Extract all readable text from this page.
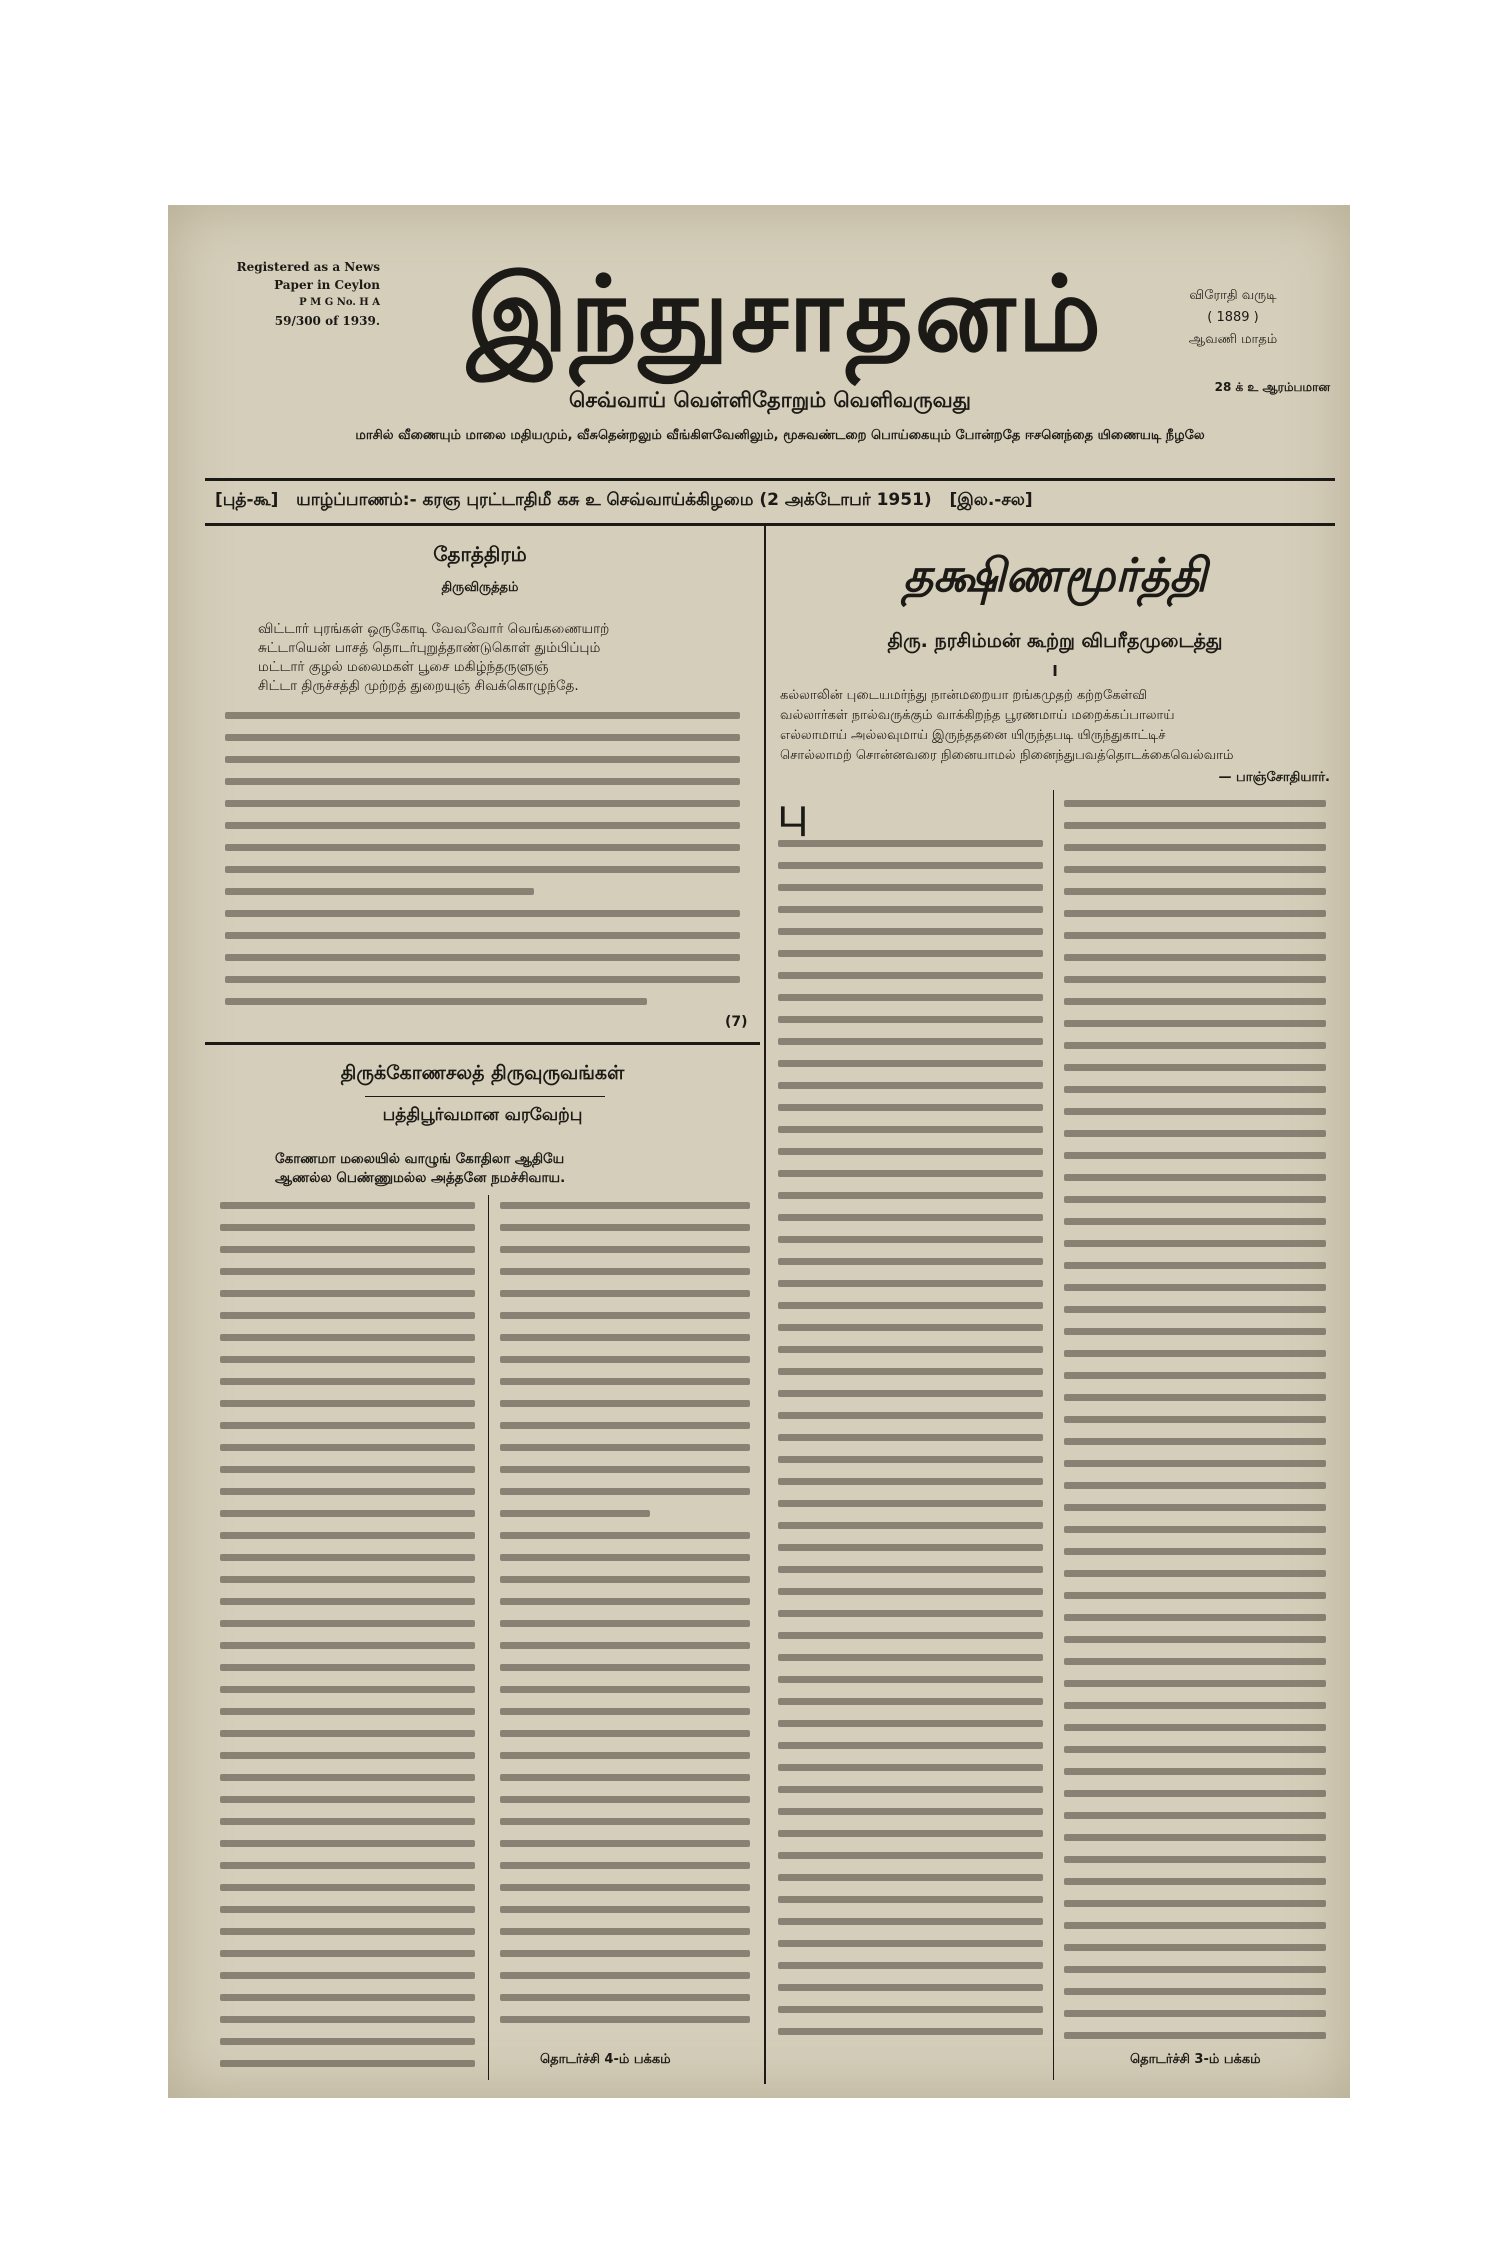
Registered as a News
Paper in Ceylon
P M G No. H A
59/300 of 1939. இந்துசாதனம்	விரோதி வருடி
( 1889 )
ஆவணி மாதம்
28 க் உ ஆரம்பமான
செவ்வாய் வெள்ளிதோறும் வெளிவருவது
மாசில் வீணையும் மாலை மதியமும், வீசுதென்றலும் வீங்கிளவேனிலும், மூசுவண்டறை பொய்கையும் போன்றதே ஈசனெந்தை யிணையடி நீழலே
[புத்-கூ] யாழ்ப்பாணம்:- கரஞ புரட்டாதிமீ கசு உ செவ்வாய்க்கிழமை (2 அக்டோபர் 1951) [இல.-சல]
தோத்திரம்
திருவிருத்தம்
விட்டார் புரங்கள் ஒருகோடி வேவவோர் வெங்கணையாற்
சுட்டாயென் பாசத் தொடர்புறுத்தாண்டுகொள் தும்பிப்பும்
மட்டார் குழல் மலைமகள் பூசை மகிழ்ந்தருளுஞ்
சிட்டா திருச்சத்தி முற்றத் துறையுஞ் சிவக்கொழுந்தே.
(7)
திருக்கோணசலத் திருவுருவங்கள்
பத்திபூர்வமான வரவேற்பு
கோணமா மலையில் வாழுங் கோதிலா ஆதியே
ஆணல்ல பெண்ணுமல்ல அத்தனே நமச்சிவாய.
தொடர்ச்சி 4-ம் பக்கம்
தக்ஷிணமூர்த்தி
திரு. நரசிம்மன் கூற்று விபரீதமுடைத்து
I
கல்லாலின் புடையமர்ந்து நான்மறையா றங்கமுதற் கற்றகேள்வி
வல்லார்கள் நால்வருக்கும் வாக்கிறந்த பூரணமாய் மறைக்கப்பாலாய்
எல்லாமாய் அல்லவுமாய் இருந்ததனை யிருந்தபடி யிருந்துகாட்டிச்
சொல்லாமற் சொன்னவரை நினையாமல் நினைந்துபவத்தொடக்கைவெல்வாம்
— பாஞ்சோதியார்.
பு
தொடர்ச்சி 3-ம் பக்கம்
